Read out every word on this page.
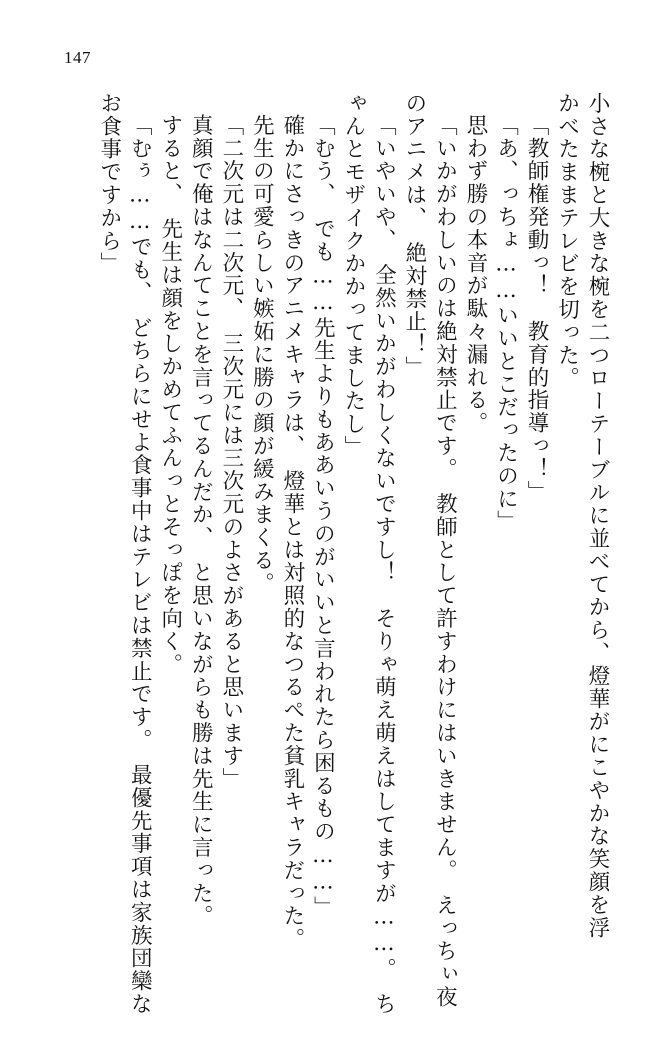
147
小さな椀と大きな椀を二つローテーブルに並べてから、燈華がにこやかな笑顔を浮
かべたままテレビを切った。
「教師権発動っ！　教育的指導っ！」
「あ、っちょ……いいとこだったのに」
思わず勝の本音が駄々漏れる。
「いかがわしいのは絶対禁止です。　教師として許すわけにはいきません。　えっちぃ夜
のアニメは、　絶対禁止！」
「いやいや、　全然いかがわしくないですし！　そりゃ萌え萌えはしてますが……。　ち
ゃんとモザイクかかってましたし」
「むう、　でも……先生よりもああいうのがいいと言われたら困るもの……」
確かにさっきのアニメキャラは、　燈華とは対照的なつるぺた貧乳キャラだった。
先生の可愛らしい嫉妬に勝の顔が緩みまくる。
「二次元は二次元、　三次元には三次元のよさがあると思います」
真顔で俺はなんてことを言ってるんだか、　と思いながらも勝は先生に言った。
すると、　先生は顔をしかめてふんっとそっぽを向く。
「むぅ……でも、　どちらにせよ食事中はテレビは禁止です。　最優先事項は家族団欒な
お食事ですから」
